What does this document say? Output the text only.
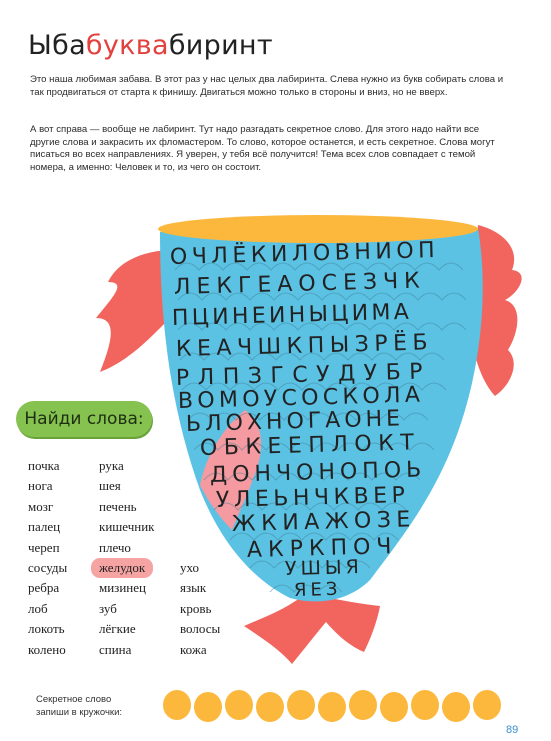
Ыбабуквабиринт
Это наша любимая забава. В этот раз у нас целых два лабиринта. Слева нужно из букв собирать слова и так продвигаться от старта к финишу. Двигаться можно только в стороны и вниз, но не вверх.
А вот справа — вообще не лабиринт. Тут надо разгадать секретное слово. Для этого надо найти все другие слова и закрасить их фломастером. То слово, которое останется, и есть секретное. Слова могут писаться во всех направлениях. Я уверен, у тебя всё получится! Тема всех слов совпадает с темой номера, а именно: Человек и то, из чего он состоит.
ОЧЛЁКИЛОВНИОП
ЛЕКГЕАОСЕЗЧК
ПЦИНЕИНЫЦИМА
КЕАЧШКПЫЗРЁБ
РЛПЗГСУДУБР
ВОМОУСОСКОЛА
ЬЛОХНОГАОНЕ
ОБКЕЕПЛОКТ
ДОНЧОНОПОЬ
УЛЕЬНЧКВЕР
ЖКИАЖОЗЕ
АКРКПОЧ
УШЫЯ
ЯЕЗ
Найди слова:
почка
нога
мозг
палец
череп
сосуды
ребра
лоб
локоть
колено
рука
шея
печень
кишечник
плечо
желудок
мизинец
зуб
лёгкие
спина
ухо
язык
кровь
волосы
кожа
Секретное слово
запиши в кружочки:
89
